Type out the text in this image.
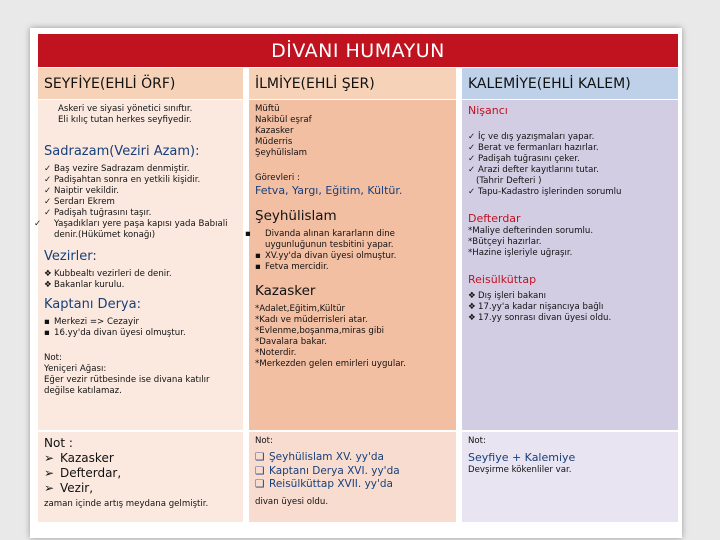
DİVANI HUMAYUN
SEYFİYE(EHLİ ÖRF)	İLMİYE(EHLİ ŞER)	KALEMİYE(EHLİ KALEM)
Askeri ve siyasi yönetici sınıftır.
Eli kılıç tutan herkes seyfiyedir.
Sadrazam(Veziri Azam):
✓ Baş vezire Sadrazam denmiştir.
✓ Padişahtan sonra en yetkili kişidir.
✓ Naiptir vekildir.
✓ Serdarı Ekrem
✓ Padişah tuğrasını taşır.
✓ Yaşadıkları yere paşa kapısı yada Babıali denir.(Hükümet konağı)
Vezirler:
❖ Kubbealtı vezirleri de denir.
❖ Bakanlar kurulu.
Kaptanı Derya:
▪ Merkezi => Cezayir
▪ 16.yy'da divan üyesi olmuştur.
Not:
Yeniçeri Ağası:
Eğer vezir rütbesinde ise divana katılır değilse katılamaz.
Müftü
Nakibül eşraf
Kazasker
Müderris
Şeyhülislam
Görevleri :
Fetva, Yargı, Eğitim, Kültür.
Şeyhülislam
▪ Divanda alınan kararların dine uygunluğunun tesbitini yapar.
▪ XV.yy'da divan üyesi olmuştur.
▪ Fetva mercidir.
Kazasker
*Adalet,Eğitim,Kültür
*Kadı ve müderrisleri atar.
*Evlenme,boşanma,miras gibi
*Davalara bakar.
*Noterdir.
*Merkezden gelen emirleri uygular.
Nişancı
✓ İç ve dış yazışmaları yapar.
✓ Berat ve fermanları hazırlar.
✓ Padişah tuğrasını çeker.
✓ Arazi defter kayıtlarını tutar.
(Tahrir Defteri )
✓ Tapu-Kadastro işlerinden sorumlu
Defterdar
*Maliye defterinden sorumlu.
*Bütçeyi hazırlar.
*Hazine işleriyle uğraşır.
Reisülküttap
❖ Dış işleri bakanı
❖ 17.yy'a kadar nişancıya bağlı
❖ 17.yy sonrası divan üyesi oldu.
Not :
➢ Kazasker
➢ Defterdar,
➢ Vezir,
zaman içinde artış meydana gelmiştir.
Not:
❑ Şeyhülislam XV. yy'da
❑ Kaptanı Derya XVI. yy'da
❑ Reisülküttap XVII. yy'da
divan üyesi oldu.
Not:
Seyfiye + Kalemiye
Devşirme kökenliler var.
